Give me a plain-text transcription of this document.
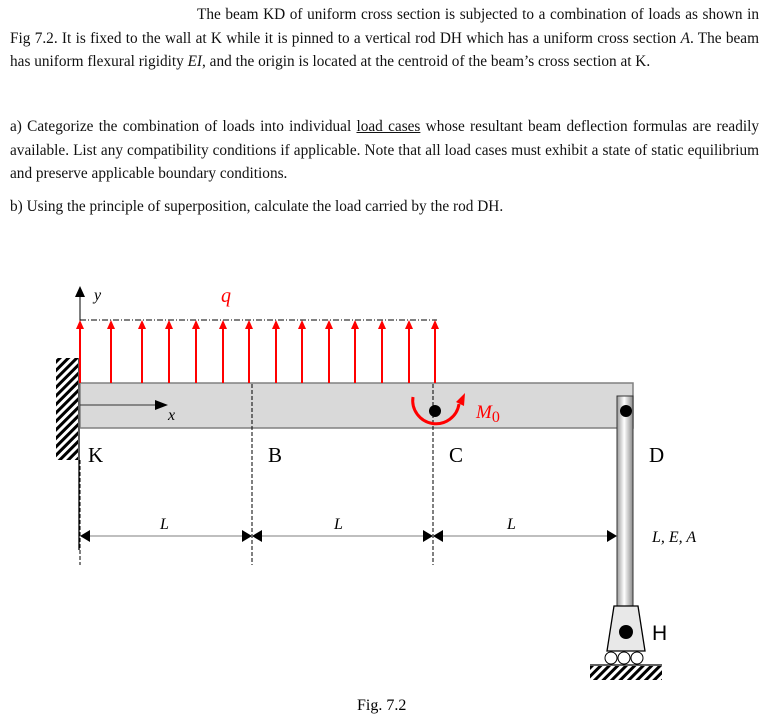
The beam KD of uniform cross section is subjected to a combination of loads as shown in Fig 7.2. It is fixed to the wall at K while it is pinned to a vertical rod DH which has a uniform cross section A. The beam has uniform flexural rigidity EI, and the origin is located at the centroid of the beam’s cross section at K.
a) Categorize the combination of loads into individual load cases whose resultant beam deflection formulas are readily available. List any compatibility conditions if applicable. Note that all load cases must exhibit a state of static equilibrium and preserve applicable boundary conditions.
b) Using the principle of superposition, calculate the load carried by the rod DH.
y
x
q
$M_0$
K	B	C	D
H
L	L	L
L, E, A
Fig. 7.2
